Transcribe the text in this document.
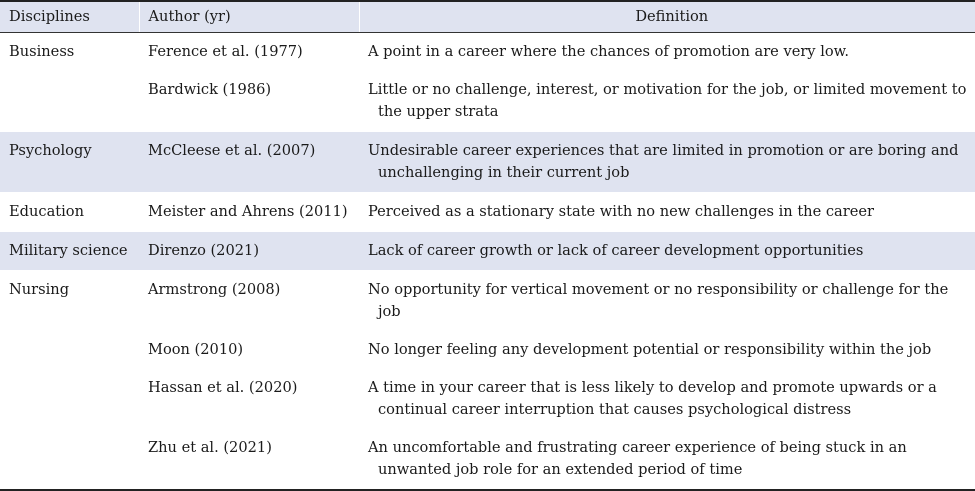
Disciplines	Author (yr)	Definition
Business	Ference et al. (1977)	A point in a career where the chances of promotion are very low.

	Bardwick (1986)	Little or no challenge, interest, or motivation for the job, or limited movement to the upper strata

Psychology	McCleese et al. (2007)	Undesirable career experiences that are limited in promotion or are boring and unchallenging in their current job

Education	Meister and Ahrens (2011)	Perceived as a stationary state with no new challenges in the career

Military science	Direnzo (2021)	Lack of career growth or lack of career development opportunities

Nursing	Armstrong (2008)	No opportunity for vertical movement or no responsibility or challenge for the job

	Moon (2010)	No longer feeling any development potential or responsibility within the job

	Hassan et al. (2020)	A time in your career that is less likely to develop and promote upwards or a continual career interruption that causes psychological distress

	Zhu et al. (2021)	An uncomfortable and frustrating career experience of being stuck in an unwanted job role for an extended period of time
